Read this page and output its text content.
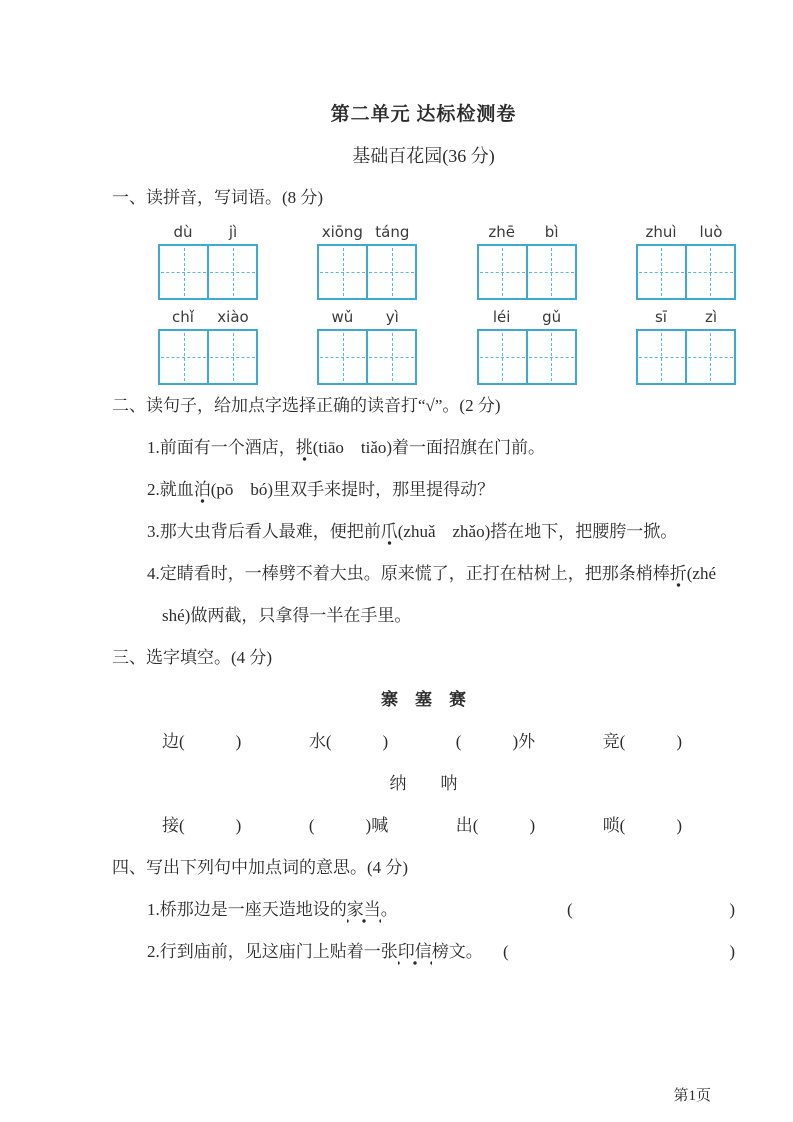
第二单元 达标检测卷
基础百花园(36 分)
一、读拼音，写词语。(8 分)
dù	jì	xiōng táng	zhē	bì	zhuì	luò
chǐ	xiào	wǔ	yì	léi	gǔ	sī	zì
二、读句子，给加点字选择正确的读音打“√”。(2 分)
1.前面有一个酒店，挑(tiāo　tiǎo)着一面招旗在门前。
2.就血泊(pō　bó)里双手来提时，那里提得动？
3.那大虫背后看人最难，便把前爪(zhuǎ　zhǎo)搭在地下，把腰胯一掀。
4.定睛看时，一棒劈不着大虫。原来慌了，正打在枯树上，把那条梢棒折(zhé　shé)做两截，只拿得一半在手里。
三、选字填空。(4 分)
寨　塞　赛
边(　　　)	水(　　　)	(　　　)外	竞(　　　)
纳　　呐
接(　　　)	(　　　)喊	出(　　　)	唢(　　　)
四、写出下列句中加点词的意思。(4 分)
1.桥那边是一座天造地设的家当。	(	)
2.行到庙前，见这庙门上贴着一张印信榜文。 (	)
第1页
